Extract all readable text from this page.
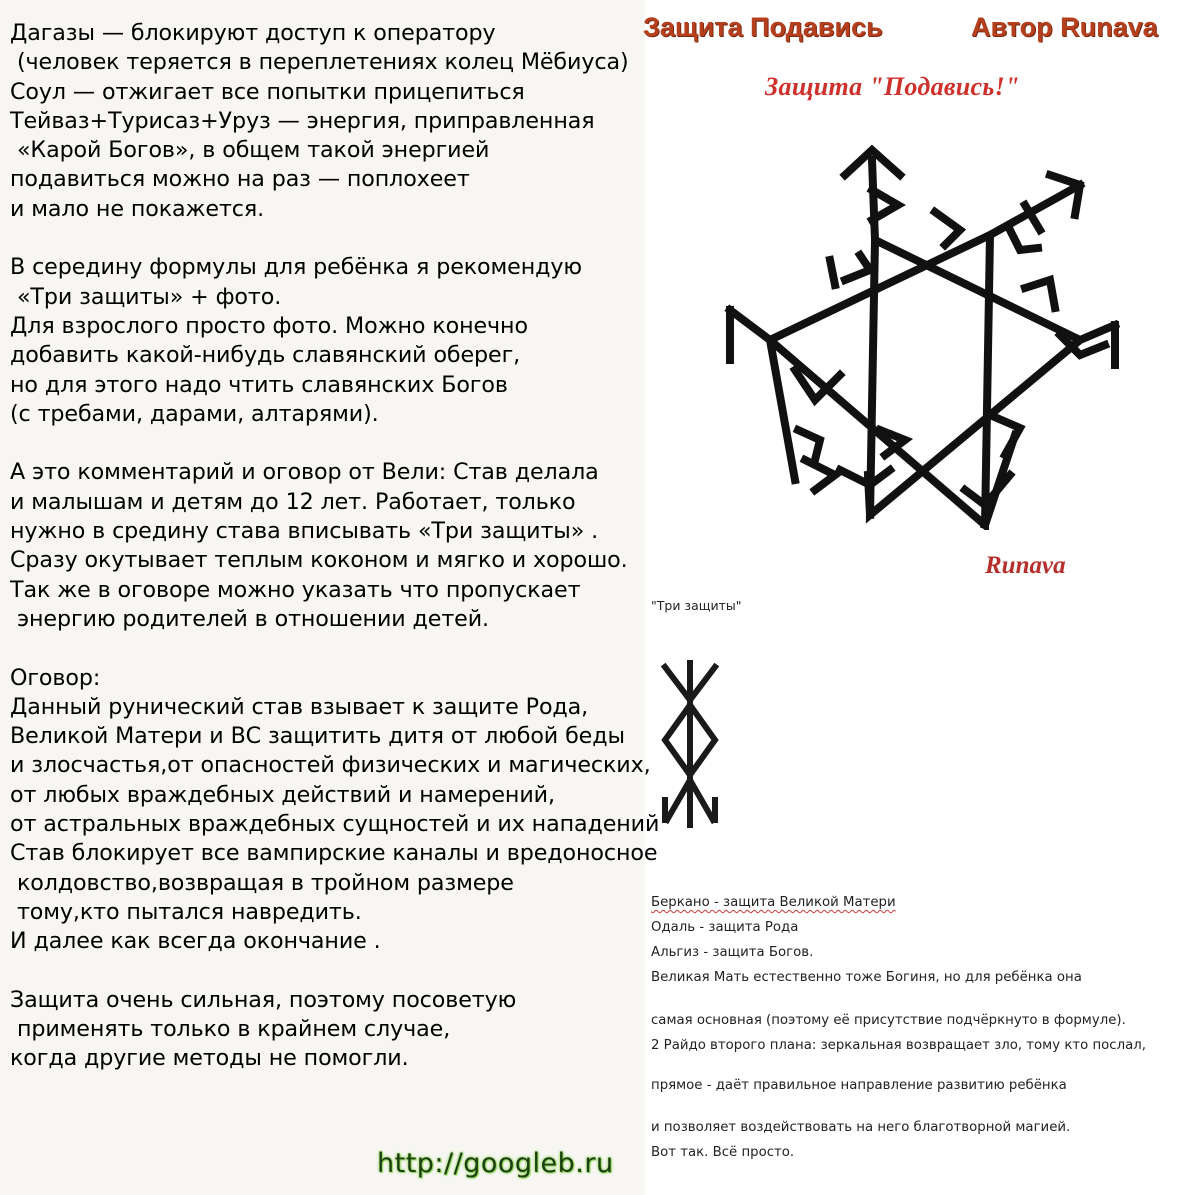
Дагазы — блокируют доступ к оператору
(человек теряется в переплетениях колец Мёбиуса)
Соул — отжигает все попытки прицепиться
Тейваз+Турисаз+Уруз — энергия, приправленная
«Карой Богов», в общем такой энергией
подавиться можно на раз — поплохеет
и мало не покажется.
В середину формулы для ребёнка я рекомендую
«Три защиты» + фото.
Для взрослого просто фото. Можно конечно
добавить какой-нибудь славянский оберег,
но для этого надо чтить славянских Богов
(с требами, дарами, алтарями).
А это комментарий и оговор от Вели: Став делала
и малышам и детям до 12 лет. Работает, только
нужно в средину става вписывать «Три защиты» .
Сразу окутывает теплым коконом и мягко и хорошо.
Так же в оговоре можно указать что пропускает
энергию родителей в отношении детей.
Оговор:
Данный рунический став взывает к защите Рода,
Великой Матери и ВС защитить дитя от любой беды
и злосчастья,от опасностей физических и магических,
от любых враждебных действий и намерений,
от астральных враждебных сущностей и их нападений
Став блокирует все вампирские каналы и вредоносное
колдовство,возвращая в тройном размере
тому,кто пытался навредить.
И далее как всегда окончание .
Защита очень сильная, поэтому посоветую
применять только в крайнем случае,
когда другие методы не помогли.
http://googleb.ru
Защита Подавись	Автор Runava
Защита "Подавись!"
Runava
"Три защиты"
Беркано - защита Великой Матери
Одаль - защита Рода
Альгиз - защита Богов.
Великая Мать естественно тоже Богиня, но для ребёнка она
самая основная (поэтому её присутствие подчёркнуто в формуле).
2 Райдо второго плана: зеркальная возвращает зло, тому кто послал,
прямое - даёт правильное направление развитию ребёнка
и позволяет воздействовать на него благотворной магией.
Вот так. Всё просто.
